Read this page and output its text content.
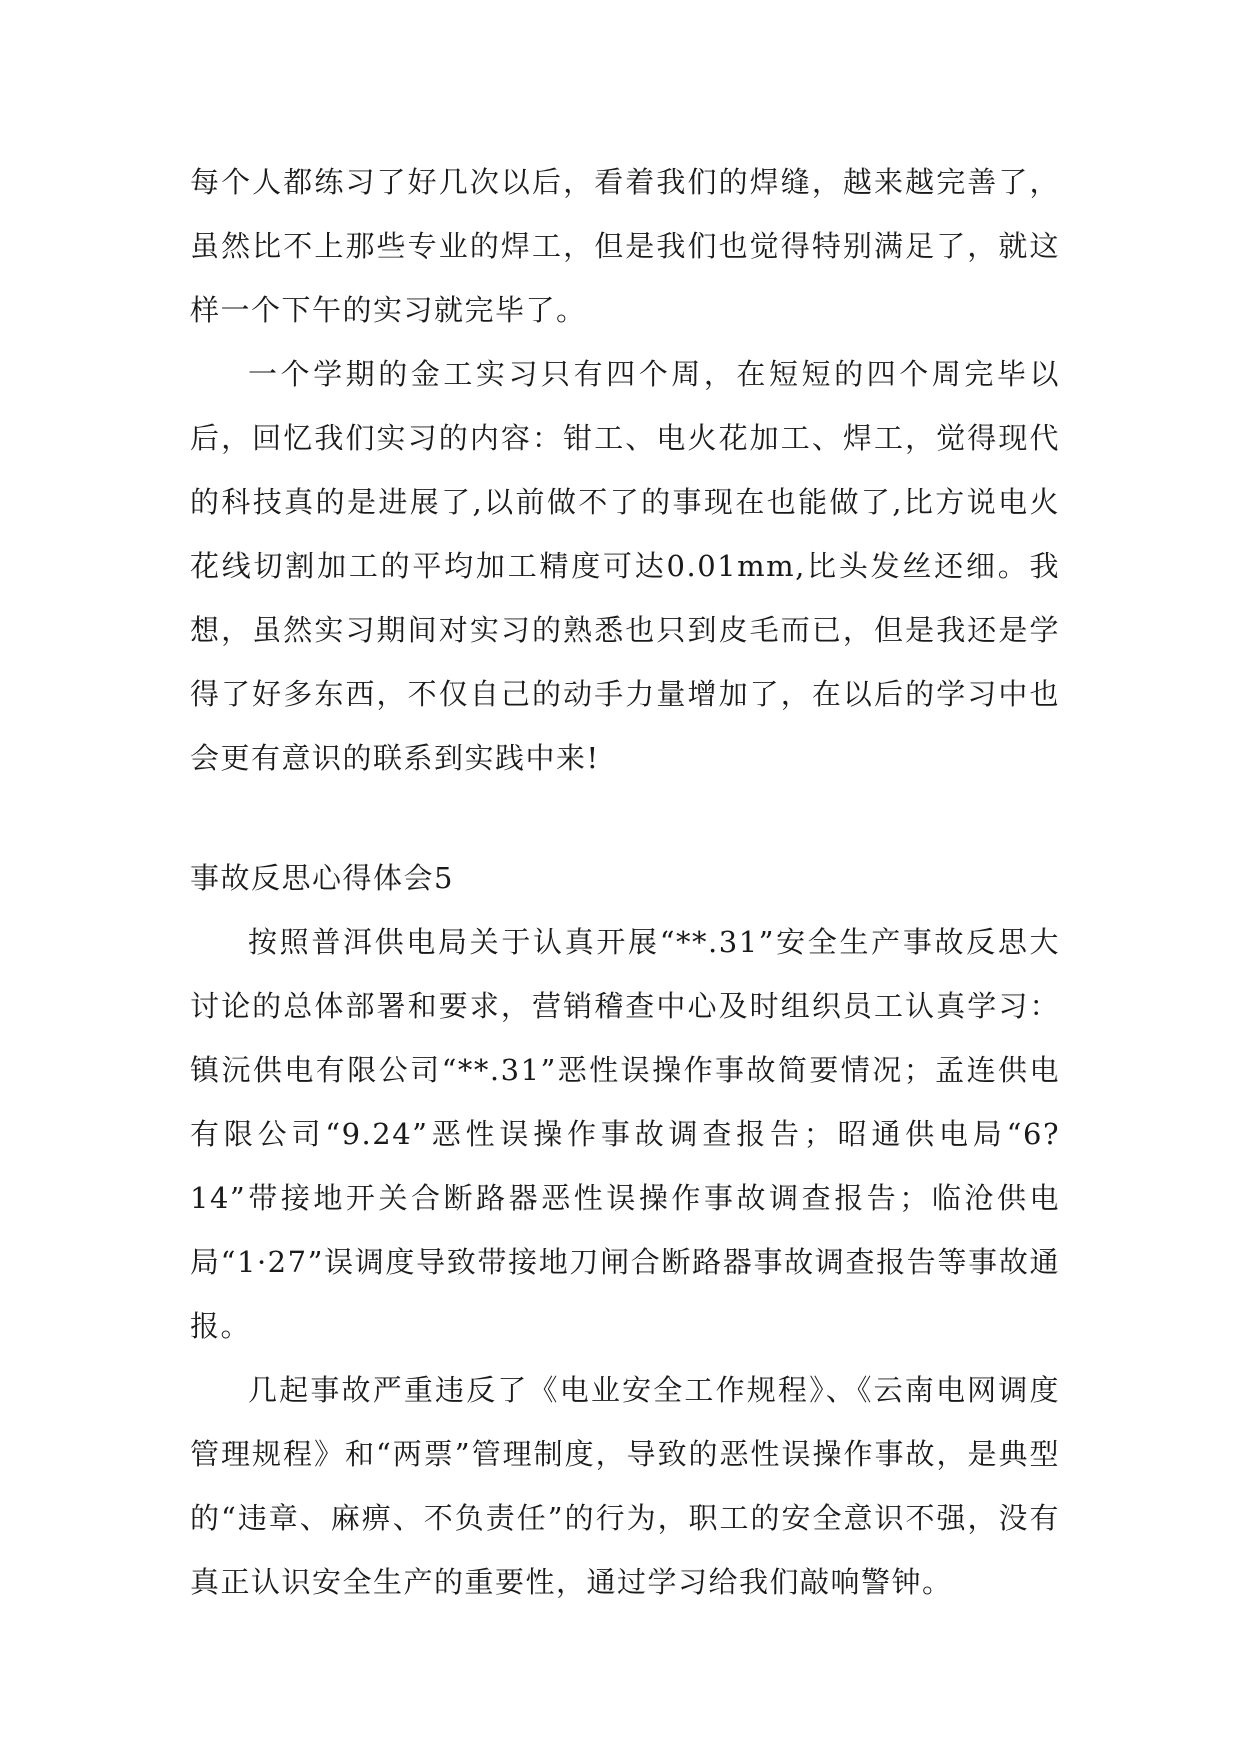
每个人都练习了好几次以后，看着我们的焊缝，越来越完善了，虽然比不上那些专业的焊工，但是我们也觉得特别满足了，就这样一个下午的实习就完毕了。

一个学期的金工实习只有四个周，在短短的四个周完毕以后，回忆我们实习的内容：钳工、电火花加工、焊工，觉得现代的科技真的是进展了,以前做不了的事现在也能做了,比方说电火花线切割加工的平均加工精度可达0.01mm,比头发丝还细。我想，虽然实习期间对实习的熟悉也只到皮毛而已，但是我还是学得了好多东西，不仅自己的动手力量增加了，在以后的学习中也会更有意识的联系到实践中来!

事故反思心得体会5

按照普洱供电局关于认真开展“**.31”安全生产事故反思大讨论的总体部署和要求，营销稽查中心及时组织员工认真学习：镇沅供电有限公司“**.31”恶性误操作事故简要情况；孟连供电有限公司“9.24”恶性误操作事故调查报告；昭通供电局“6?14”带接地开关合断路器恶性误操作事故调查报告；临沧供电局“1·27”误调度导致带接地刀闸合断路器事故调查报告等事故通报。

几起事故严重违反了《电业安全工作规程》、《云南电网调度管理规程》和“两票”管理制度，导致的恶性误操作事故，是典型的“违章、麻痹、不负责任”的行为，职工的安全意识不强，没有真正认识安全生产的重要性，通过学习给我们敲响警钟。
